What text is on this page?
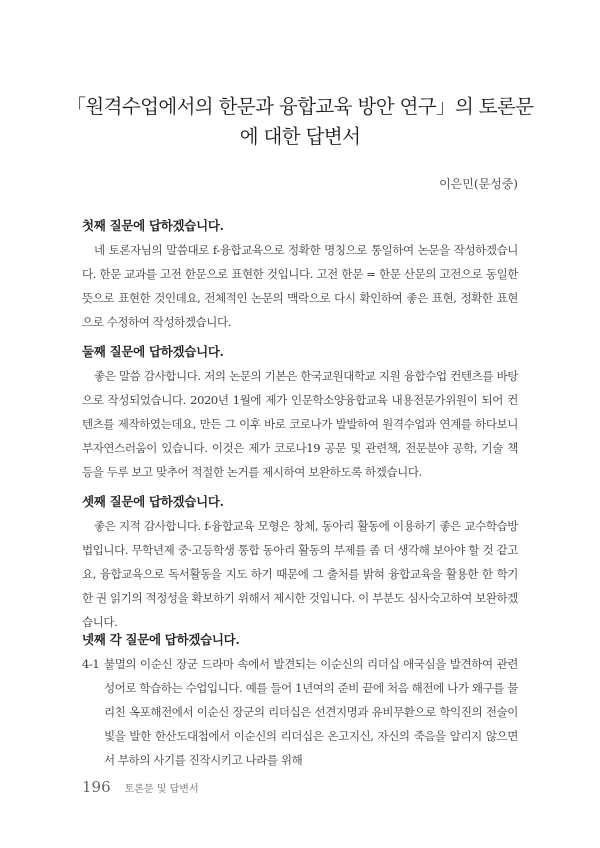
「원격수업에서의 한문과 융합교육 방안 연구」의 토론문에 대한 답변서
이은민(문성중)
첫째 질문에 답하겠습니다.

네 토론자님의 말씀대로 f-융합교육으로 정확한 명칭으로 통일하여 논문을 작성하겠습니다. 한문 교과를 고전 한문으로 표현한 것입니다. 고전 한문 = 한문 산문의 고전으로 동일한 뜻으로 표현한 것인데요, 전체적인 논문의 맥락으로 다시 확인하여 좋은 표현, 정확한 표현으로 수정하여 작성하겠습니다.

둘째 질문에 답하겠습니다.

좋은 말씀 감사합니다. 저의 논문의 기본은 한국교원대학교 지원 융합수업 컨텐츠를 바탕으로 작성되었습니다. 2020년 1월에 제가 인문학소양융합교육 내용전문가위원이 되어 컨텐츠를 제작하였는데요, 만든 그 이후 바로 코로나가 발발하여 원격수업과 연계를 하다보니 부자연스러움이 있습니다. 이것은 제가 코로나19 공문 및 관련책, 전문분야 공학, 기술 책 등을 두루 보고 맞추어 적절한 논거를 제시하여 보완하도록 하겠습니다.

셋째 질문에 답하겠습니다.

좋은 지적 감사합니다. f-융합교육 모형은 창체, 동아리 활동에 이용하기 좋은 교수학습방법입니다. 무학년제 중·고등학생 통합 동아리 활동의 부제를 좀 더 생각해 보아야 할 것 같고요, 융합교육으로 독서활동을 지도 하기 때문에 그 출처를 밝혀 융합교육을 활용한 한 학기 한 권 읽기의 적정성을 확보하기 위해서 제시한 것입니다. 이 부분도 심사숙고하여 보완하겠습니다.

넷째 각 질문에 답하겠습니다.
4-1 불멸의 이순신 장군 드라마 속에서 발견되는 이순신의 리더십 애국심을 발견하여 관련 성어로 학습하는 수업입니다. 예를 들어 1년여의 준비 끝에 처음 해전에 나가 왜구를 물리친 옥포해전에서 이순신 장군의 리더십은 선견지명과 유비무환으로 학익진의 전술이 빛을 발한 한산도대첩에서 이순신의 리더십은 온고지신, 자신의 죽음을 알리지 않으면서 부하의 사기를 진작시키고 나라를 위해
196 토론문 및 답변서
